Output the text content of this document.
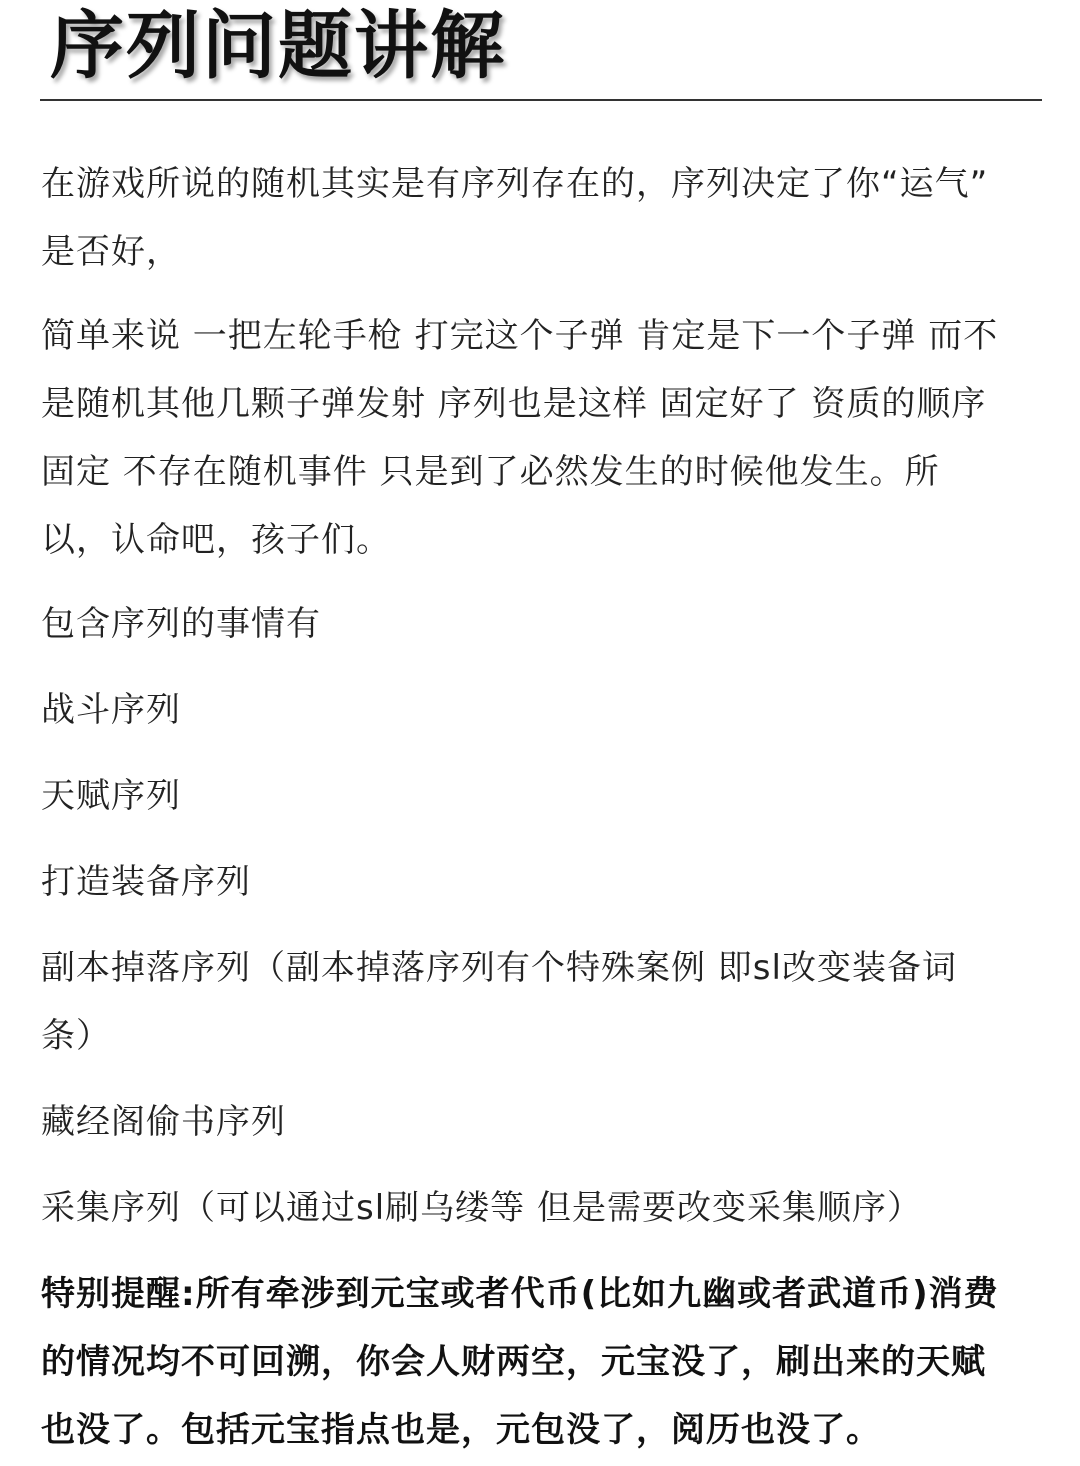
序列问题讲解
在游戏所说的随机其实是有序列存在的，序列决定了你“运气”
是否好，
简单来说 一把左轮手枪 打完这个子弹 肯定是下一个子弹 而不
是随机其他几颗子弹发射 序列也是这样 固定好了 资质的顺序
固定 不存在随机事件 只是到了必然发生的时候他发生。所
以，认命吧，孩子们。
包含序列的事情有
战斗序列
天赋序列
打造装备序列
副本掉落序列（副本掉落序列有个特殊案例 即sl改变装备词
条）
藏经阁偷书序列
采集序列（可以通过sl刷乌缕等 但是需要改变采集顺序）
特别提醒:所有牵涉到元宝或者代币(比如九幽或者武道币)消费
的情况均不可回溯，你会人财两空，元宝没了，刷出来的天赋
也没了。包括元宝指点也是，元包没了，阅历也没了。
